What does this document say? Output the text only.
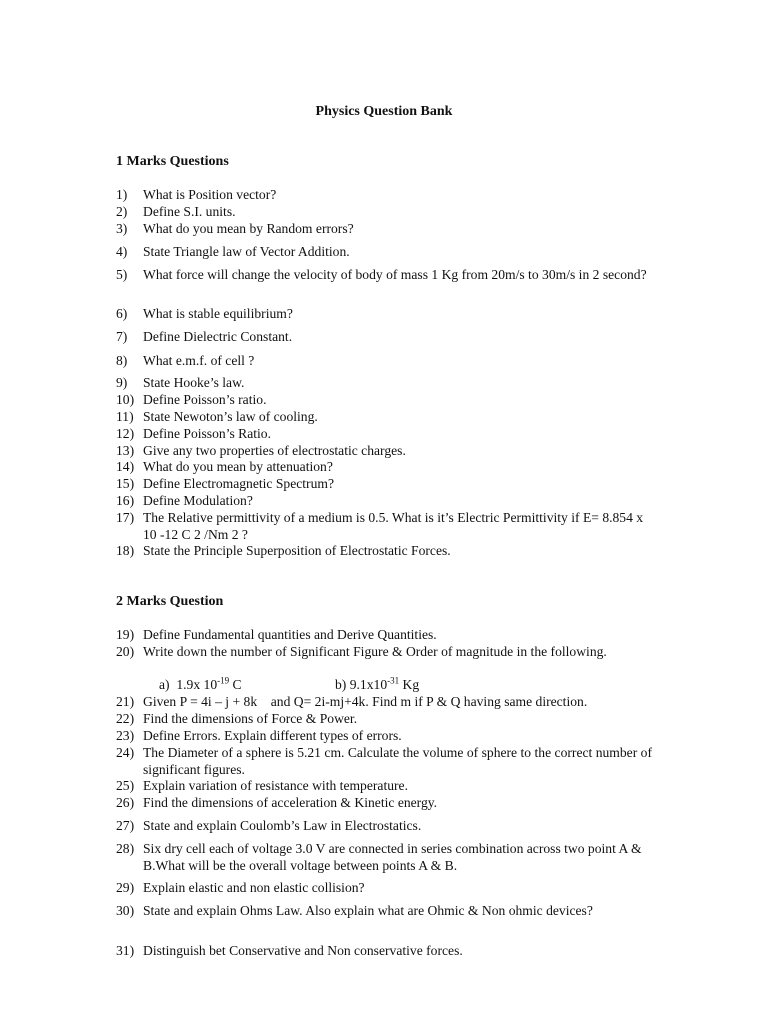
Physics Question Bank
1 Marks Questions
1) What is Position vector?
2) Define S.I. units.
3) What do you mean by Random errors?
4) State Triangle law of Vector Addition.
5) What force will change the velocity of body of mass 1 Kg from 20m/s to 30m/s in 2 second?
6) What is stable equilibrium?
7) Define Dielectric Constant.
8) What e.m.f. of cell ?
9) State Hooke’s law.
10) Define Poisson’s ratio.
11) State Newoton’s law of cooling.
12) Define Poisson’s Ratio.
13) Give any two properties of electrostatic charges.
14) What do you mean by attenuation?
15) Define Electromagnetic Spectrum?
16) Define Modulation?
17) The Relative permittivity of a medium is 0.5. What is it’s Electric Permittivity if E= 8.854 x 10 -12 C 2 /Nm 2 ?
18) State the Principle Superposition of Electrostatic Forces.
2 Marks Question
19) Define Fundamental quantities and Derive Quantities.
20) Write down the number of Significant Figure & Order of magnitude in the following.
a) 1.9x $10^{-19}$ C	b) $9.1x10^{-31}$ Kg
21) Given P = 4i – j + 8k    and Q= 2i-mj+4k. Find m if P & Q having same direction.
22) Find the dimensions of Force & Power.
23) Define Errors. Explain different types of errors.
24) The Diameter of a sphere is 5.21 cm. Calculate the volume of sphere to the correct number of significant figures.
25) Explain variation of resistance with temperature.
26) Find the dimensions of acceleration & Kinetic energy.
27) State and explain Coulomb’s Law in Electrostatics.
28) Six dry cell each of voltage 3.0 V are connected in series combination across two point A & B.What will be the overall voltage between points A & B.
29) Explain elastic and non elastic collision?
30) State and explain Ohms Law. Also explain what are Ohmic & Non ohmic devices?
31) Distinguish bet Conservative and Non conservative forces.
